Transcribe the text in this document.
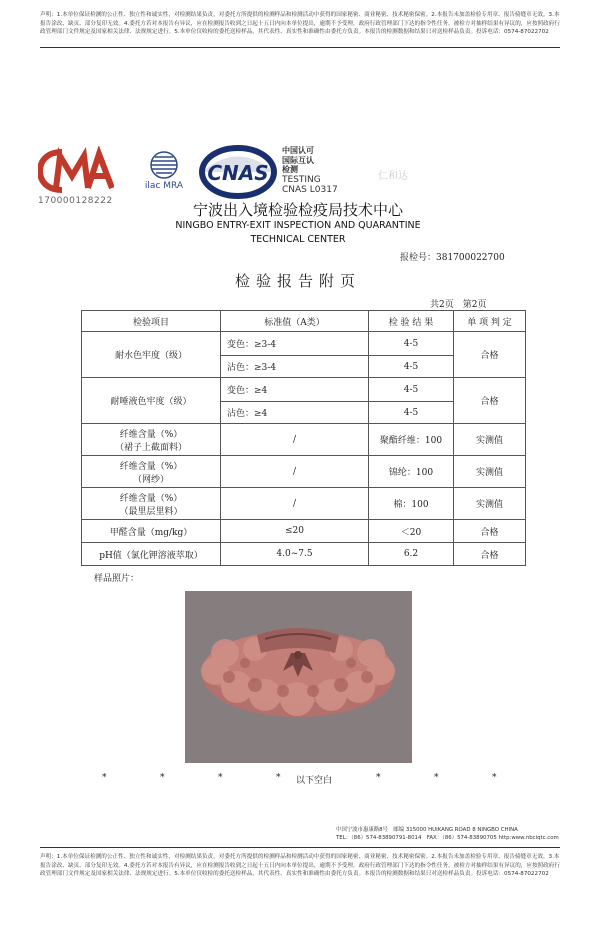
声明：1.本单位保证检测的公正性、独立性和诚实性，对检测结果负责，对委托方所提供的检测样品和检测活动中获得的国家秘密、商业秘密、技术秘密保密。2.本报告未加盖检验专用章、报告骑缝章无效。3.本报告涂改、缺页、部分复印无效。4.委托方若对本报告有异议，应在检测报告收到之日起十五日内向本单位提出，逾期不予受理，政府行政管理部门下达的指令性任务，被检方对抽样结果有异议的，应按照政府行政管理部门文件规定及国家相关法律、法规规定进行。5.本单位仅收检的委托送检样品，其代表性、真实性和准确性由委托方负责。本报告的检测数据和结果只对送检样品负责。投诉电话：0574-87022702
170000128222
ilac MRA
CNAS
中国认可
国际互认
检测
TESTING
CNAS L0317
仁和达
宁波出入境检验检疫局技术中心
NINGBO ENTRY-EXIT INSPECTION AND QUARANTINE
TECHNICAL CENTER
报检号：381700022700
检验报告附页
共2页　第2页
检验项目	标准值（A类）	检 验 结 果	单 项 判 定
耐水色牢度（级）	变色：≥3-4	4-5	合格
	沾色：≥3-4	4-5	
耐唾液色牢度（级）	变色：≥4	4-5	合格
	沾色：≥4	4-5	

纤维含量（%）
（裙子上截面料）	/	聚酯纤维：100	实测值

纤维含量（%）
（网纱）	/	锦纶：100	实测值

纤维含量（%）
（最里层里料）	/	棉：100	实测值
甲醛含量（mg/kg）	≤20	＜20	合格
pH值（氯化钾溶液萃取）	4.0~7.5	6.2	合格
样品照片：
*	*	*	* 以下空白	*	*	*
中国宁波市惠康路8号　邮编 315000 HUIKANG ROAD 8 NINGBO CHINA
TEL：（86）574-83890791-8014　FAX：（86）574-83890705 http:www.nbciqtc.com
声明：1.本单位保证检测的公正性、独立性和诚实性，对检测结果负责，对委托方所提供的检测样品和检测活动中获得的国家秘密、商业秘密、技术秘密保密。2.本报告未加盖检验专用章、报告骑缝章无效。3.本报告涂改、缺页、部分复印无效。4.委托方若对本报告有异议，应在检测报告收到之日起十五日内向本单位提出，逾期不予受理，政府行政管理部门下达的指令性任务，被检方对抽样结果有异议的，应按照政府行政管理部门文件规定及国家相关法律、法规规定进行。5.本单位仅收检的委托送检样品，其代表性、真实性和准确性由委托方负责。本报告的检测数据和结果只对送检样品负责。投诉电话：0574-87022702
